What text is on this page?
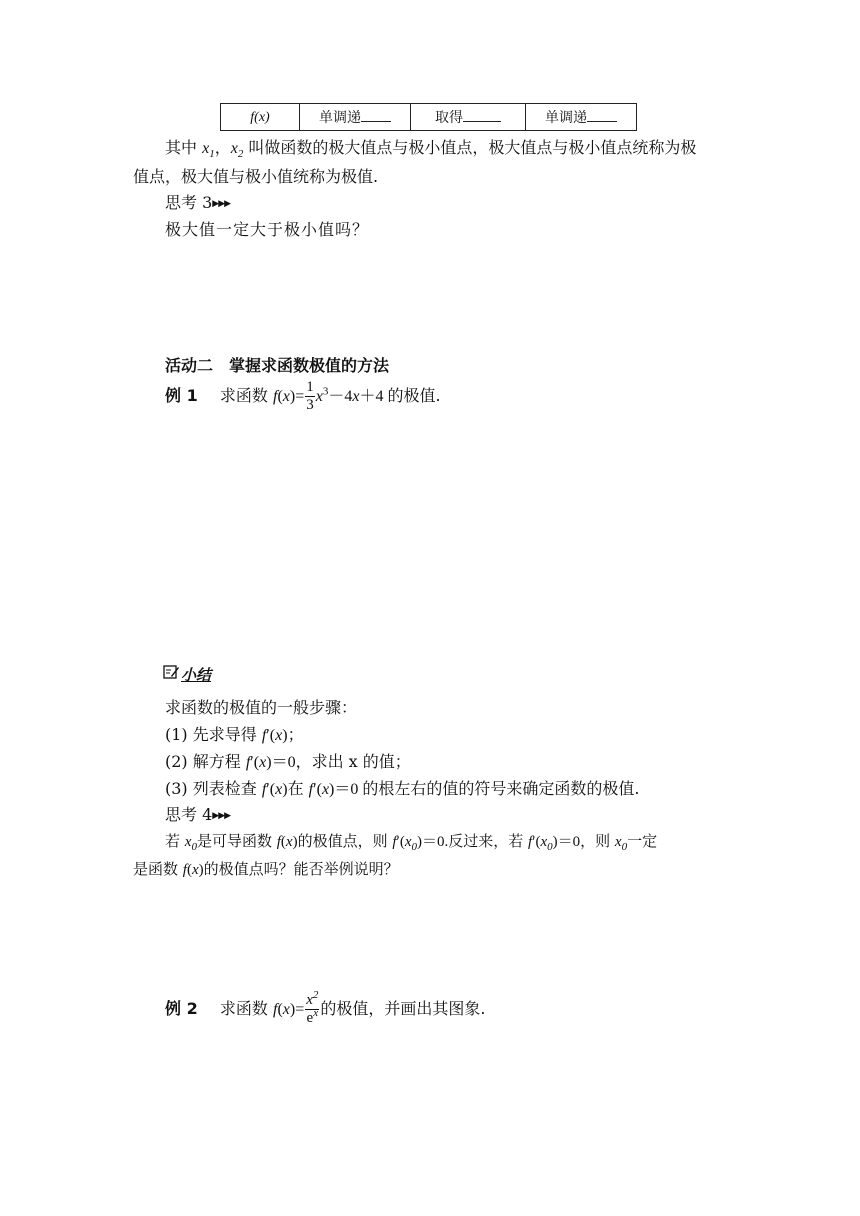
f(x)	单调递	取得	单调递
其中 $x_1$，$x_2$ 叫做函数的极大值点与极小值点，极大值点与极小值点统称为极
值点，极大值与极小值统称为极值.
思考 3▶▶▶
极大值一定大于极小值吗？
活动二　掌握求函数极值的方法
例 1 求函数 $f(x)= \frac{1}{3} x^3-4x+4$ 的极值.
小结
求函数的极值的一般步骤：
(1) 先求导得 f′(x)；
(2) 解方程 f′(x)＝0，求出 x 的值；
(3) 列表检查 f′(x)在 f′(x)＝0 的根左右的值的符号来确定函数的极值.
思考 4▶▶▶
若 $x_0$是可导函数 f(x)的极值点，则 $f'(x_0)=0$.反过来，若 $f'(x_0)=0$，则 $x_0$一定
是函数 f(x)的极值点吗？能否举例说明？
例 2 求函数 $f(x)= \frac{x^2}{e^x}$ 的极值，并画出其图象.
